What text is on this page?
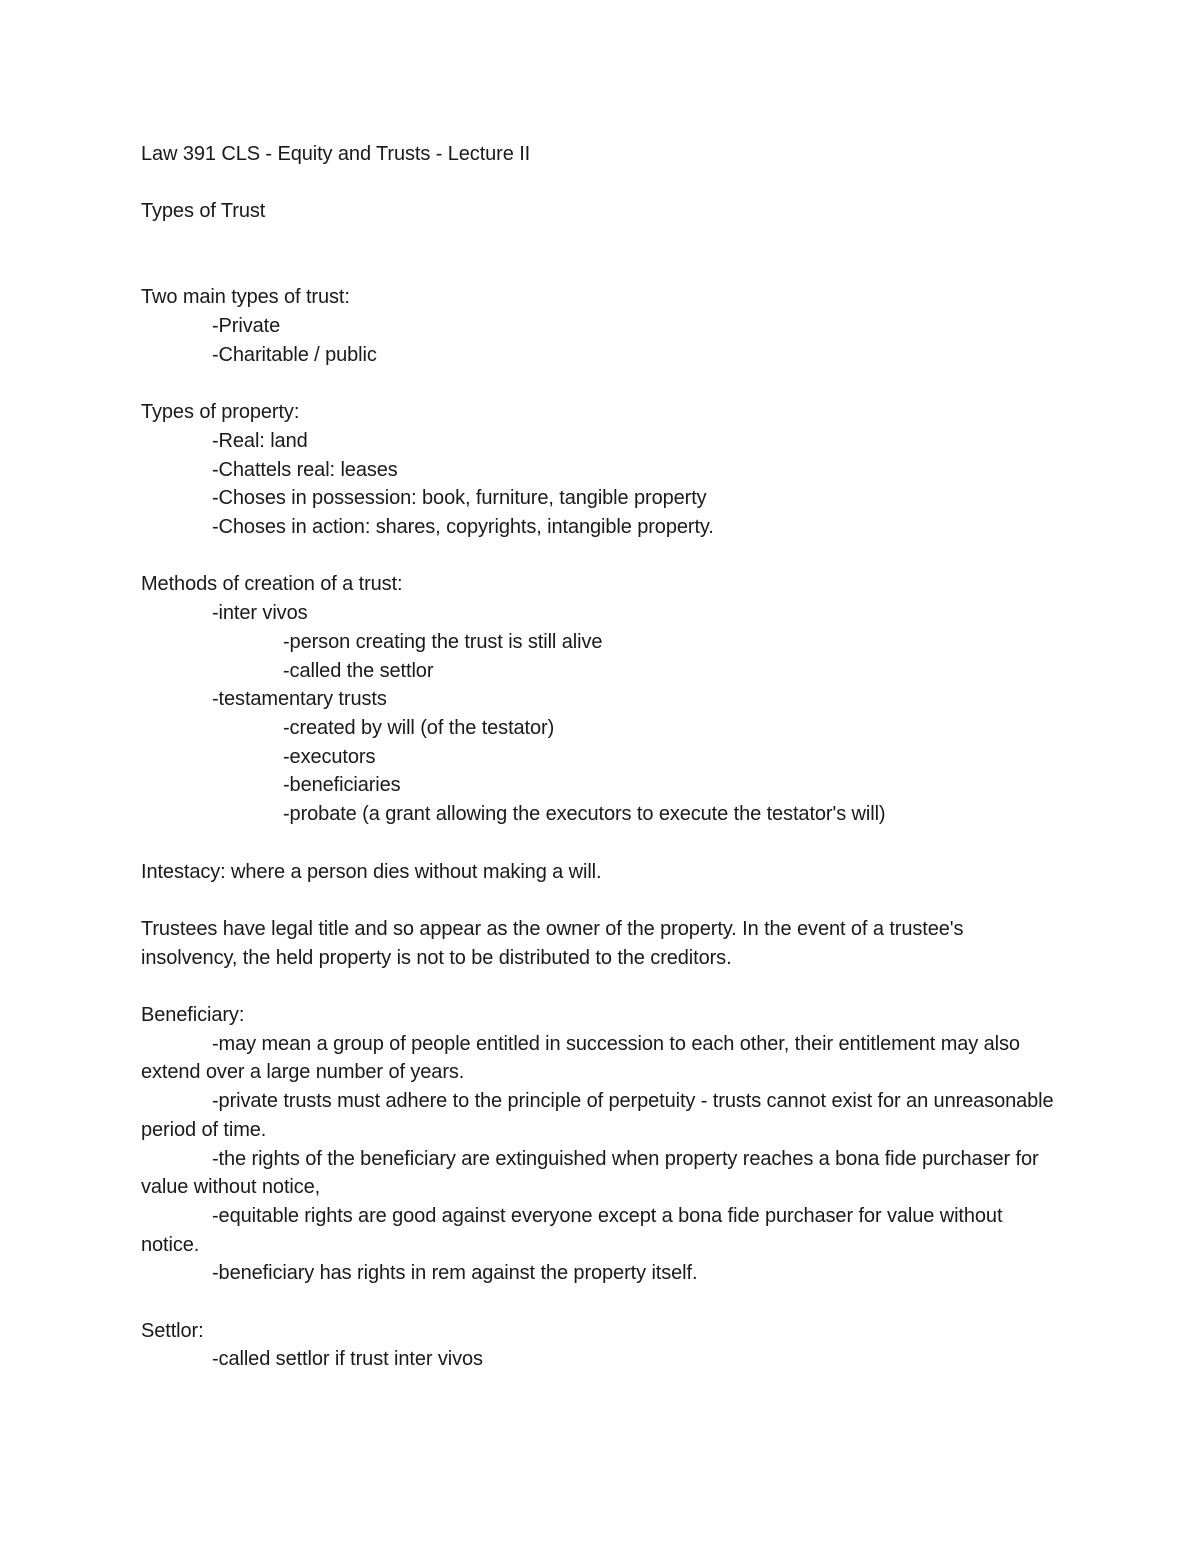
Law 391 CLS - Equity and Trusts - Lecture II
Types of Trust
Two main types of trust:
-Private
-Charitable / public
Types of property:
-Real: land
-Chattels real: leases
-Choses in possession: book, furniture, tangible property
-Choses in action: shares, copyrights, intangible property.
Methods of creation of a trust:
-inter vivos
-person creating the trust is still alive
-called the settlor
-testamentary trusts
-created by will (of the testator)
-executors
-beneficiaries
-probate (a grant allowing the executors to execute the testator's will)
Intestacy: where a person dies without making a will.
Trustees have legal title and so appear as the owner of the property. In the event of a trustee's insolvency, the held property is not to be distributed to the creditors.
Beneficiary:
-may mean a group of people entitled in succession to each other, their entitlement may also extend over a large number of years.
-private trusts must adhere to the principle of perpetuity - trusts cannot exist for an unreasonable period of time.
-the rights of the beneficiary are extinguished when property reaches a bona fide purchaser for value without notice,
-equitable rights are good against everyone except a bona fide purchaser for value without notice.
-beneficiary has rights in rem against the property itself.
Settlor:
-called settlor if trust inter vivos
